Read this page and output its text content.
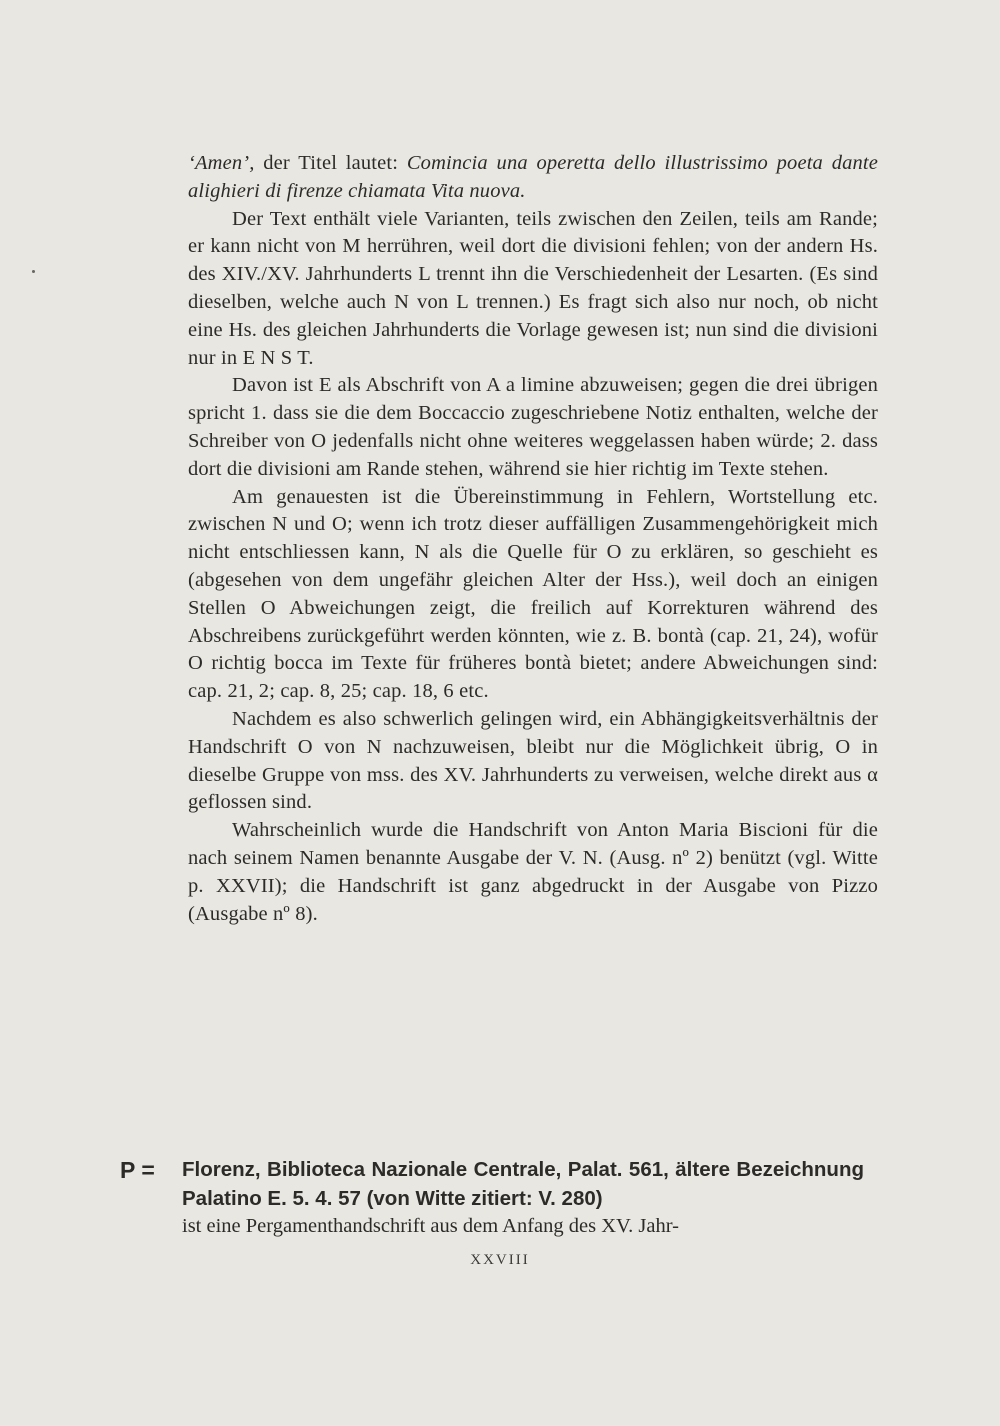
‘Amen’, der Titel lautet: Comincia una operetta dello illustrissimo poeta dante alighieri di firenze chiamata Vita nuova.

Der Text enthält viele Varianten, teils zwischen den Zeilen, teils am Rande; er kann nicht von M herrühren, weil dort die divisioni fehlen; von der andern Hs. des XIV./XV. Jahrhunderts L trennt ihn die Verschiedenheit der Lesarten. (Es sind dieselben, welche auch N von L trennen.) Es fragt sich also nur noch, ob nicht eine Hs. des gleichen Jahrhunderts die Vorlage gewesen ist; nun sind die divisioni nur in E N S T.

Davon ist E als Abschrift von A a limine abzuweisen; gegen die drei übrigen spricht 1. dass sie die dem Boccaccio zugeschriebene Notiz enthalten, welche der Schreiber von O jedenfalls nicht ohne weiteres weggelassen haben würde; 2. dass dort die divisioni am Rande stehen, während sie hier richtig im Texte stehen.

Am genauesten ist die Übereinstimmung in Fehlern, Wortstellung etc. zwischen N und O; wenn ich trotz dieser auffälligen Zusammengehörigkeit mich nicht entschliessen kann, N als die Quelle für O zu erklären, so geschieht es (abgesehen von dem ungefähr gleichen Alter der Hss.), weil doch an einigen Stellen O Abweichungen zeigt, die freilich auf Korrekturen während des Abschreibens zurückgeführt werden könnten, wie z. B. bontà (cap. 21, 24), wofür O richtig bocca im Texte für früheres bontà bietet; andere Abweichungen sind: cap. 21, 2; cap. 8, 25; cap. 18, 6 etc.

Nachdem es also schwerlich gelingen wird, ein Abhängigkeitsverhältnis der Handschrift O von N nachzuweisen, bleibt nur die Möglichkeit übrig, O in dieselbe Gruppe von mss. des XV. Jahrhunderts zu verweisen, welche direkt aus α geflossen sind.

Wahrscheinlich wurde die Handschrift von Anton Maria Biscioni für die nach seinem Namen benannte Ausgabe der V. N. (Ausg. nº 2) benützt (vgl. Witte p. XXVII); die Handschrift ist ganz abgedruckt in der Ausgabe von Pizzo (Ausgabe nº 8).

P = Florenz, Biblioteca Nazionale Centrale, Palat. 561, ältere Bezeichnung Palatino E. 5. 4. 57 (von Witte zitiert: V. 280)

ist eine Pergamenthandschrift aus dem Anfang des XV. Jahr-

XXVIII
